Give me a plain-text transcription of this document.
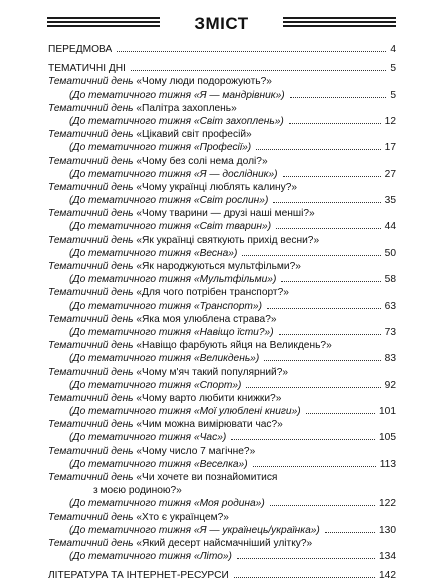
ЗМІСТ
ПЕРЕДМОВА	4
ТЕМАТИЧНІ ДНІ	5
Тематичний день «Чому люди подорожують?»
(До тематичного тижня «Я — мандрівник»)	5
Тематичний день «Палітра захоплень»
(До тематичного тижня «Світ захоплень»)	12
Тематичний день «Цікавий світ професій»
(До тематичного тижня «Професії»)	17
Тематичний день «Чому без солі нема долі?»
(До тематичного тижня «Я — дослідник»)	27
Тематичний день «Чому українці люблять калину?»
(До тематичного тижня «Світ рослин»)	35
Тематичний день «Чому тварини — друзі наші менші?»
(До тематичного тижня «Світ тварин»)	44
Тематичний день «Як українці святкують прихід весни?»
(До тематичного тижня «Весна»)	50
Тематичний день «Як народжуються мультфільми?»
(До тематичного тижня «Мультфільми»)	58
Тематичний день «Для чого потрібен транспорт?»
(До тематичного тижня «Транспорт»)	63
Тематичний день «Яка моя улюблена страва?»
(До тематичного тижня «Навіщо їсти?»)	73
Тематичний день «Навіщо фарбують яйця на Великдень?»
(До тематичного тижня «Великдень»)	83
Тематичний день «Чому м'яч такий популярний?»
(До тематичного тижня «Спорт»)	92
Тематичний день «Чому варто любити книжки?»
(До тематичного тижня «Мої улюблені книги»)	101
Тематичний день «Чим можна вимірювати час?»
(До тематичного тижня «Час»)	105
Тематичний день «Чому число 7 магічне?»
(До тематичного тижня «Веселка»)	113
Тематичний день «Чи хочете ви познайомитися
з моєю родиною?»
(До тематичного тижня «Моя родина»)	122
Тематичний день «Хто є українцем?»
(До тематичного тижня «Я — українець/українка»)	130
Тематичний день «Який десерт найсмачніший улітку?»
(До тематичного тижня «Літо»)	134
ЛІТЕРАТУРА ТА ІНТЕРНЕТ-РЕСУРСИ	142
